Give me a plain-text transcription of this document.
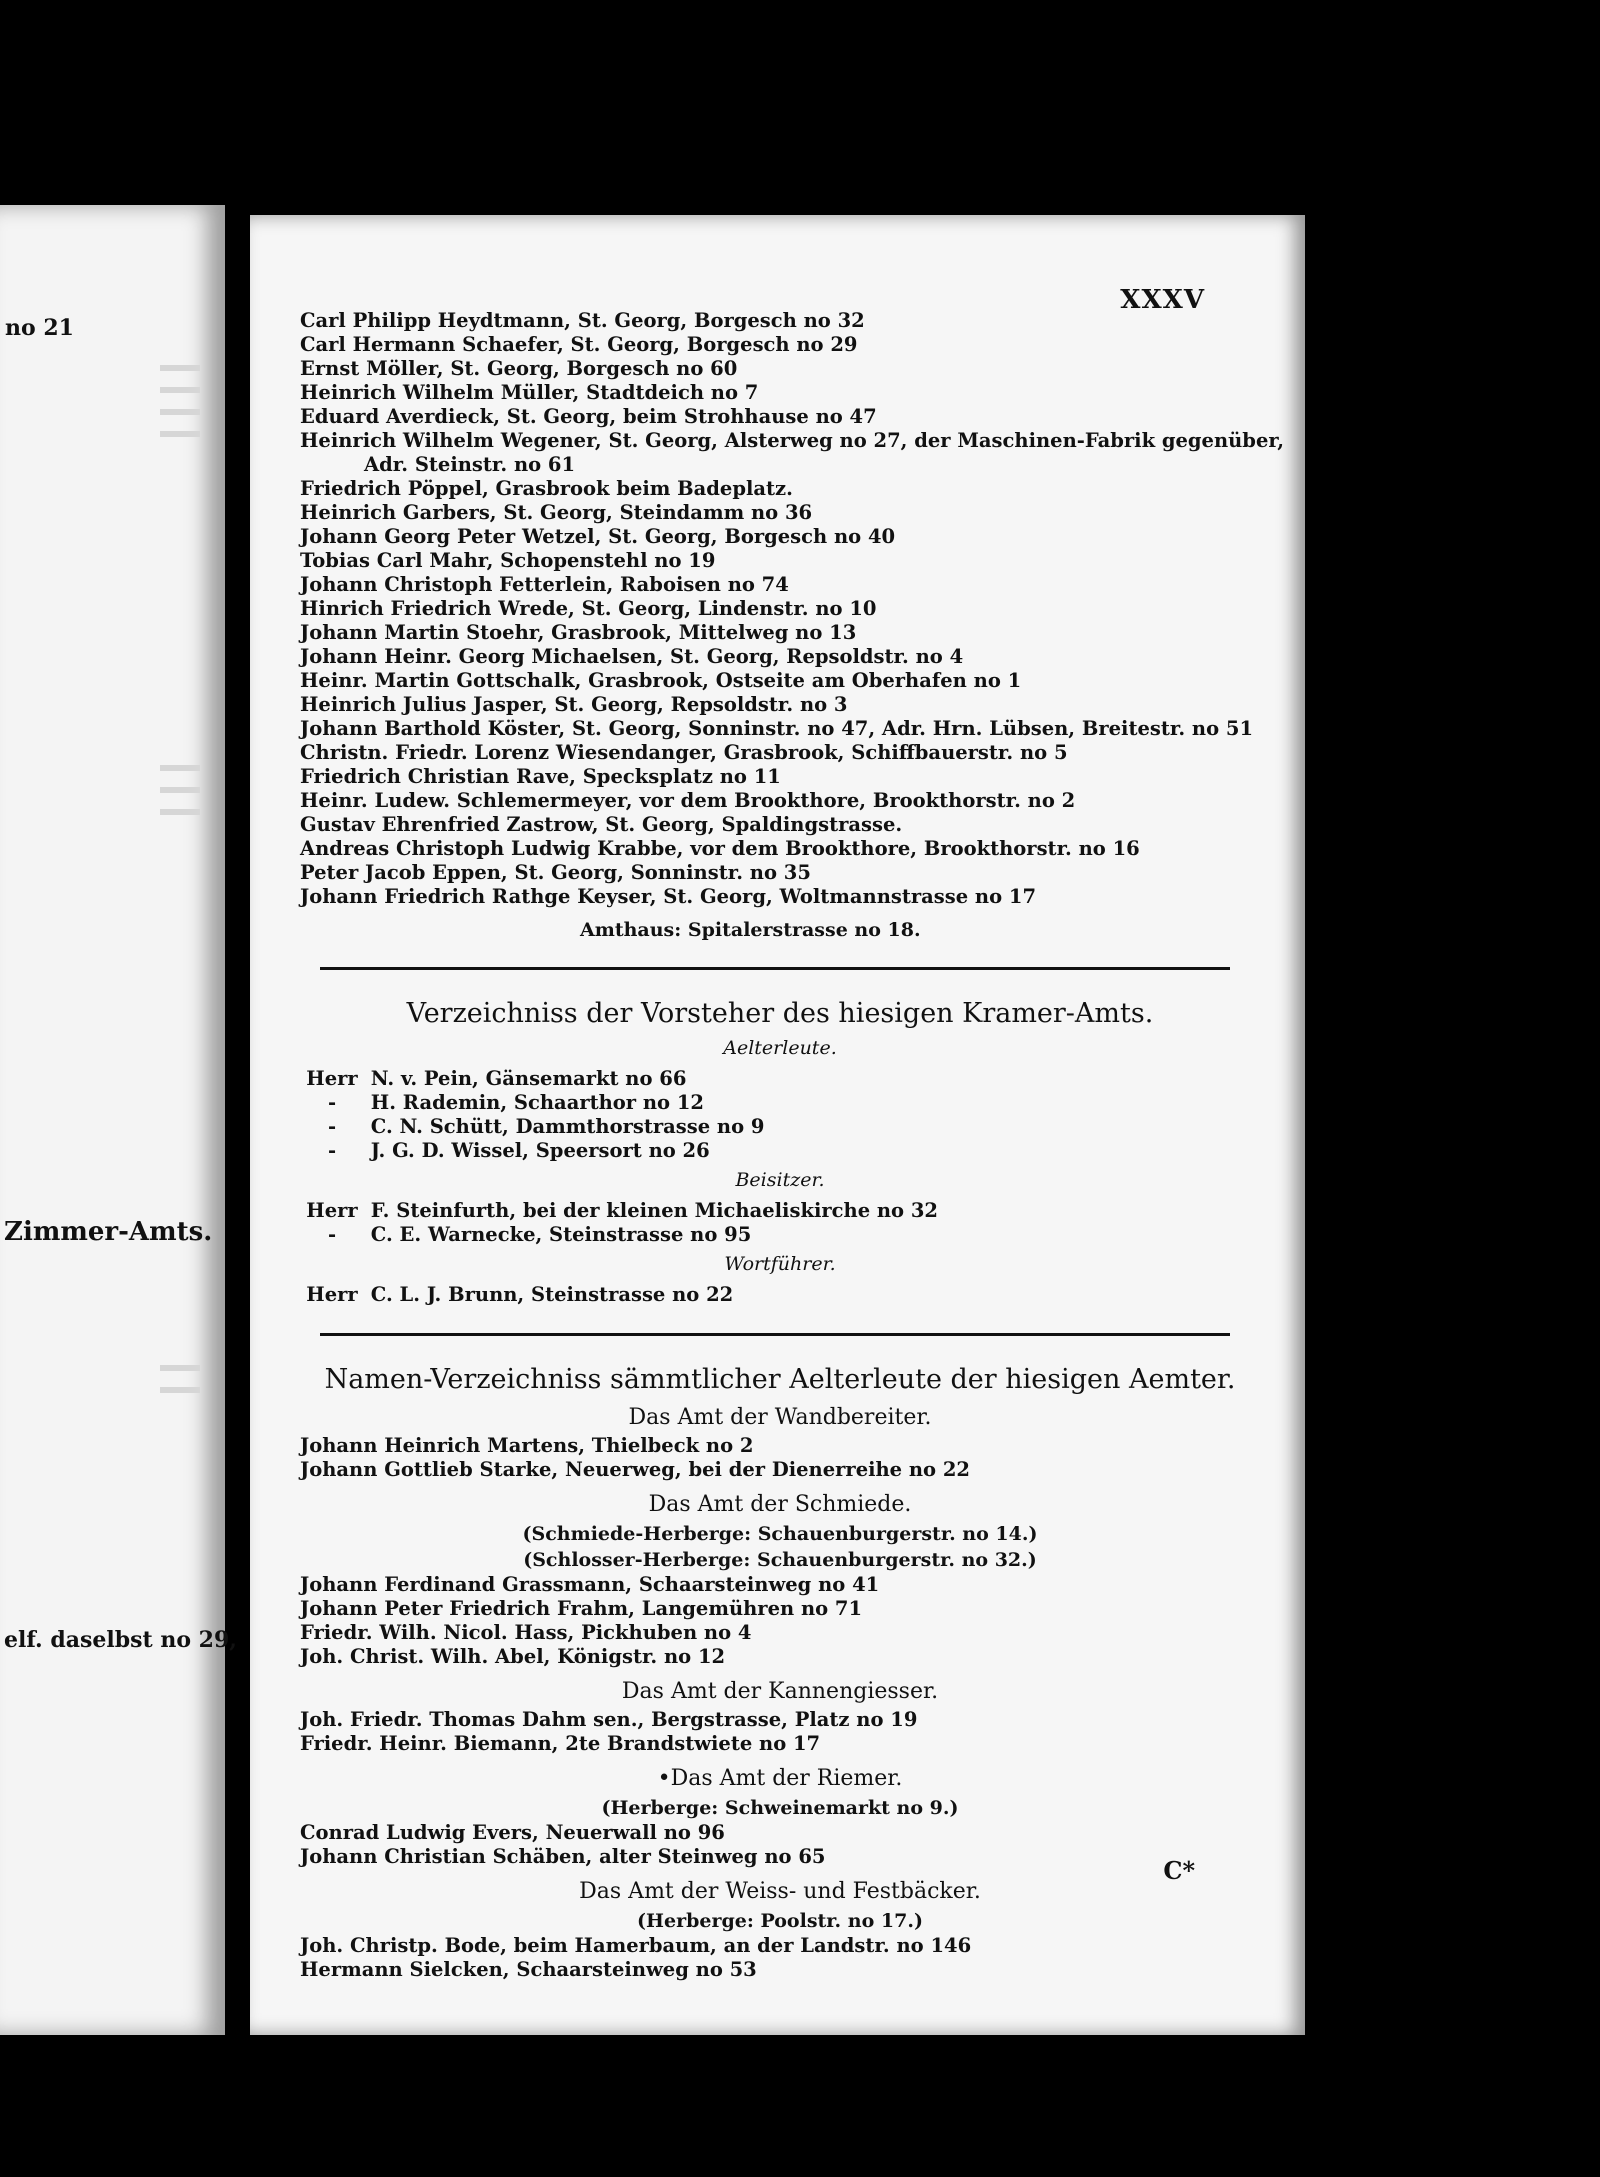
no 21
Zimmer-Amts.
elf. daselbst no 29,
XXXV
Carl Philipp Heydtmann, St. Georg, Borgesch no 32
Carl Hermann Schaefer, St. Georg, Borgesch no 29
Ernst Möller, St. Georg, Borgesch no 60
Heinrich Wilhelm Müller, Stadtdeich no 7
Eduard Averdieck, St. Georg, beim Strohhause no 47
Heinrich Wilhelm Wegener, St. Georg, Alsterweg no 27, der Maschinen-Fabrik gegenüber,
Adr. Steinstr. no 61
Friedrich Pöppel, Grasbrook beim Badeplatz.
Heinrich Garbers, St. Georg, Steindamm no 36
Johann Georg Peter Wetzel, St. Georg, Borgesch no 40
Tobias Carl Mahr, Schopenstehl no 19
Johann Christoph Fetterlein, Raboisen no 74
Hinrich Friedrich Wrede, St. Georg, Lindenstr. no 10
Johann Martin Stoehr, Grasbrook, Mittelweg no 13
Johann Heinr. Georg Michaelsen, St. Georg, Repsoldstr. no 4
Heinr. Martin Gottschalk, Grasbrook, Ostseite am Oberhafen no 1
Heinrich Julius Jasper, St. Georg, Repsoldstr. no 3
Johann Barthold Köster, St. Georg, Sonninstr. no 47, Adr. Hrn. Lübsen, Breitestr. no 51
Christn. Friedr. Lorenz Wiesendanger, Grasbrook, Schiffbauerstr. no 5
Friedrich Christian Rave, Specksplatz no 11
Heinr. Ludew. Schlemermeyer, vor dem Brookthore, Brookthorstr. no 2
Gustav Ehrenfried Zastrow, St. Georg, Spaldingstrasse.
Andreas Christoph Ludwig Krabbe, vor dem Brookthore, Brookthorstr. no 16
Peter Jacob Eppen, St. Georg, Sonninstr. no 35
Johann Friedrich Rathge Keyser, St. Georg, Woltmannstrasse no 17
Amthaus: Spitalerstrasse no 18.
Verzeichniss der Vorsteher des hiesigen Kramer-Amts.
Aelterleute.
Herr N. v. Pein, Gänsemarkt no 66
- H. Rademin, Schaarthor no 12
- C. N. Schütt, Dammthorstrasse no 9
- J. G. D. Wissel, Speersort no 26
Beisitzer.
Herr F. Steinfurth, bei der kleinen Michaeliskirche no 32
- C. E. Warnecke, Steinstrasse no 95
Wortführer.
Herr C. L. J. Brunn, Steinstrasse no 22
Namen-Verzeichniss sämmtlicher Aelterleute der hiesigen Aemter.
Das Amt der Wandbereiter.
Johann Heinrich Martens, Thielbeck no 2
Johann Gottlieb Starke, Neuerweg, bei der Dienerreihe no 22
Das Amt der Schmiede.
(Schmiede-Herberge: Schauenburgerstr. no 14.)
(Schlosser-Herberge: Schauenburgerstr. no 32.)
Johann Ferdinand Grassmann, Schaarsteinweg no 41
Johann Peter Friedrich Frahm, Langemühren no 71
Friedr. Wilh. Nicol. Hass, Pickhuben no 4
Joh. Christ. Wilh. Abel, Königstr. no 12
Das Amt der Kannengiesser.
Joh. Friedr. Thomas Dahm sen., Bergstrasse, Platz no 19
Friedr. Heinr. Biemann, 2te Brandstwiete no 17
•Das Amt der Riemer.
(Herberge: Schweinemarkt no 9.)
Conrad Ludwig Evers, Neuerwall no 96
Johann Christian Schäben, alter Steinweg no 65
Das Amt der Weiss- und Festbäcker.
(Herberge: Poolstr. no 17.)
Joh. Christp. Bode, beim Hamerbaum, an der Landstr. no 146
Hermann Sielcken, Schaarsteinweg no 53
C*
